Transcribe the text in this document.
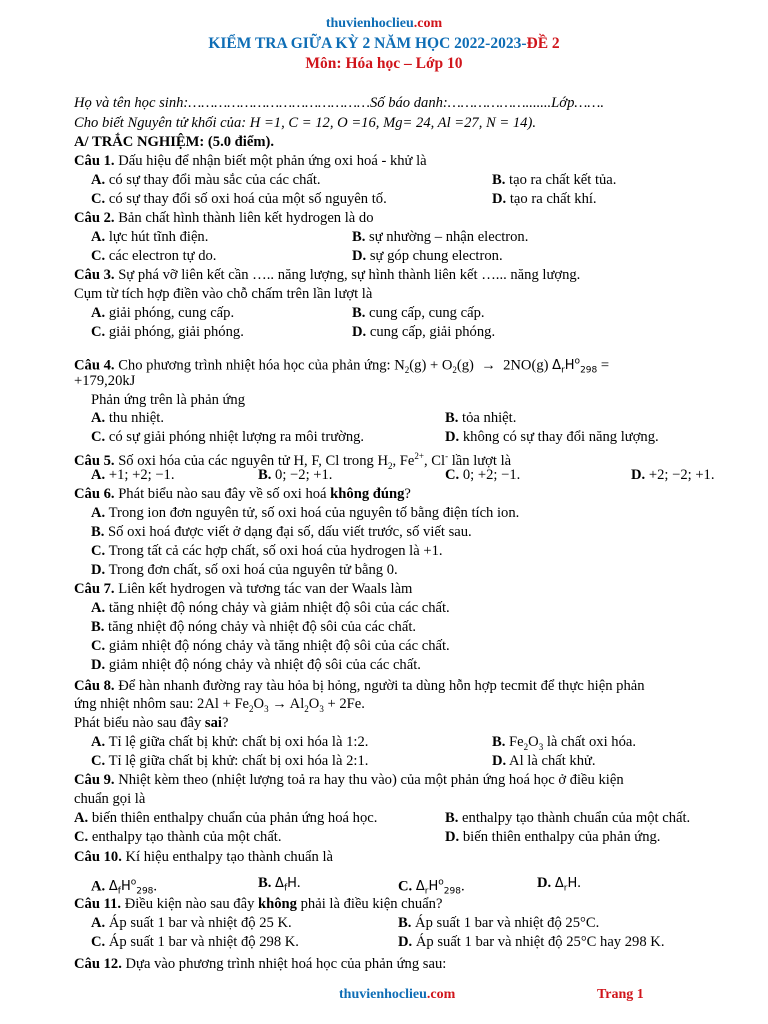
thuvienhoclieu.com
KIỂM TRA GIỮA KỲ 2 NĂM HỌC 2022-2023-ĐỀ 2
Môn: Hóa học – Lớp 10
Họ và tên học sinh:……………………………………Số báo danh:……………….......Lớp…….
Cho biết Nguyên tử khối của: H =1, C = 12, O =16, Mg= 24, Al =27, N = 14).
A/ TRẮC NGHIỆM: (5.0 điểm).
Câu 1. Dấu hiệu để nhận biết một phản ứng oxi hoá - khử là
A. có sự thay đổi màu sắc của các chất.	B. tạo ra chất kết tủa.
C. có sự thay đổi số oxi hoá của một số nguyên tố.	D. tạo ra chất khí.
Câu 2. Bản chất hình thành liên kết hydrogen là do
A. lực hút tĩnh điện.	B. sự nhường – nhận electron.
C. các electron tự do.	D. sự góp chung electron.
Câu 3. Sự phá vỡ liên kết cần ….. năng lượng, sự hình thành liên kết …... năng lượng.
Cụm từ tích hợp điền vào chỗ chấm trên lần lượt là
A. giải phóng, cung cấp.	B. cung cấp, cung cấp.
C. giải phóng, giải phóng.	D. cung cấp, giải phóng.
Câu 4. Cho phương trình nhiệt hóa học của phản ứng: $N_2(g) + O_2(g) \to 2NO(g) \Delta_rH^o_{298}$ =
+179,20kJ
Phản ứng trên là phản ứng
A. thu nhiệt.	B. tỏa nhiệt.
C. có sự giải phóng nhiệt lượng ra môi trường.	D. không có sự thay đổi năng lượng.
Câu 5. Số oxi hóa của các nguyên tử H, F, Cl trong $H_2$, $Fe^{2+}$, Cl- lần lượt là
A. +1; +2; −1.	B. 0; −2; +1.	C. 0; +2; −1.	D. +2; −2; +1.
Câu 6. Phát biểu nào sau đây về số oxi hoá không đúng?
A. Trong ion đơn nguyên tử, số oxi hoá của nguyên tố bằng điện tích ion.
B. Số oxi hoá được viết ở dạng đại số, dấu viết trước, số viết sau.
C. Trong tất cả các hợp chất, số oxi hoá của hydrogen là +1.
D. Trong đơn chất, số oxi hoá của nguyên tử bằng 0.
Câu 7. Liên kết hydrogen và tương tác van der Waals làm
A. tăng nhiệt độ nóng chảy và giảm nhiệt độ sôi của các chất.
B. tăng nhiệt độ nóng chảy và nhiệt độ sôi của các chất.
C. giảm nhiệt độ nóng chảy và tăng nhiệt độ sôi của các chất.
D. giảm nhiệt độ nóng chảy và nhiệt độ sôi của các chất.
Câu 8. Để hàn nhanh đường ray tàu hỏa bị hỏng, người ta dùng hỗn hợp tecmit để thực hiện phản
ứng nhiệt nhôm sau: $2Al + Fe_2O_3 \to Al_2O_3 + 2Fe$.
Phát biểu nào sau đây sai?
A. Tỉ lệ giữa chất bị khử: chất bị oxi hóa là 1:2.	B. $Fe_2O_3$ là chất oxi hóa.
C. Tỉ lệ giữa chất bị khử: chất bị oxi hóa là 2:1.	D. Al là chất khử.
Câu 9. Nhiệt kèm theo (nhiệt lượng toả ra hay thu vào) của một phản ứng hoá học ở điều kiện
chuẩn gọi là
A. biến thiên enthalpy chuẩn của phản ứng hoá học.	B. enthalpy tạo thành chuẩn của một chất.
C. enthalpy tạo thành của một chất.	D. biến thiên enthalpy của phản ứng.
Câu 10. Kí hiệu enthalpy tạo thành chuẩn là
A. $\Delta_fH^o_{298}$.	B. $\Delta_fH$.	C. $\Delta_rH^o_{298}$.	D. $\Delta_rH$.
Câu 11. Điều kiện nào sau đây không phải là điều kiện chuẩn?
A. Áp suất 1 bar và nhiệt độ 25 K.	B. Áp suất 1 bar và nhiệt độ 25°C.
C. Áp suất 1 bar và nhiệt độ 298 K.	D. Áp suất 1 bar và nhiệt độ 25°C hay 298 K.
Câu 12. Dựa vào phương trình nhiệt hoá học của phản ứng sau:
thuvienhoclieu.com	Trang 1
